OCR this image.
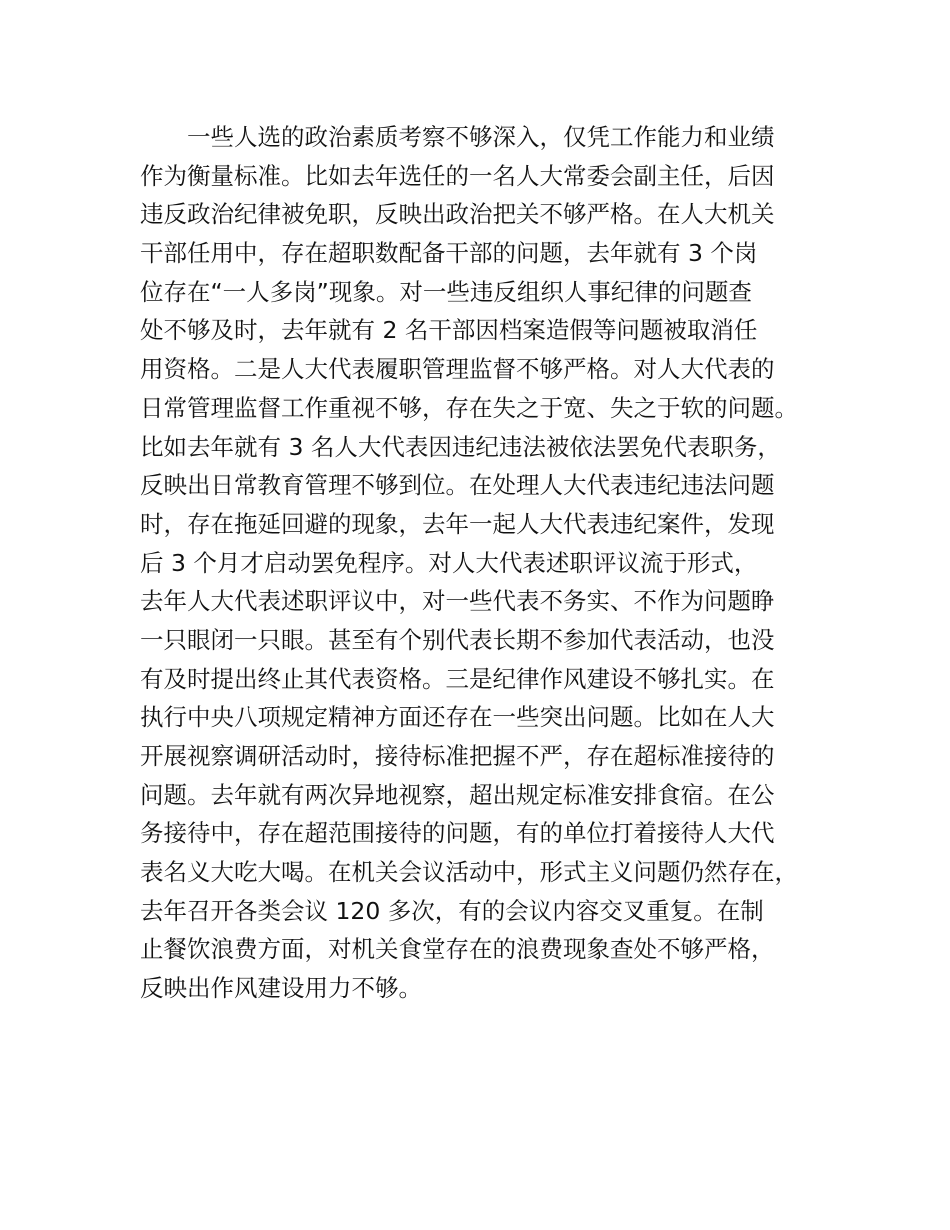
一些人选的政治素质考察不够深入，仅凭工作能力和业绩
作为衡量标准。比如去年选任的一名人大常委会副主任，后因
违反政治纪律被免职，反映出政治把关不够严格。在人大机关
干部任用中，存在超职数配备干部的问题，去年就有 3 个岗
位存在“一人多岗”现象。对一些违反组织人事纪律的问题查
处不够及时，去年就有 2 名干部因档案造假等问题被取消任
用资格。二是人大代表履职管理监督不够严格。对人大代表的
日常管理监督工作重视不够，存在失之于宽、失之于软的问题。
比如去年就有 3 名人大代表因违纪违法被依法罢免代表职务，
反映出日常教育管理不够到位。在处理人大代表违纪违法问题
时，存在拖延回避的现象，去年一起人大代表违纪案件，发现
后 3 个月才启动罢免程序。对人大代表述职评议流于形式，
去年人大代表述职评议中，对一些代表不务实、不作为问题睁
一只眼闭一只眼。甚至有个别代表长期不参加代表活动，也没
有及时提出终止其代表资格。三是纪律作风建设不够扎实。在
执行中央八项规定精神方面还存在一些突出问题。比如在人大
开展视察调研活动时，接待标准把握不严，存在超标准接待的
问题。去年就有两次异地视察，超出规定标准安排食宿。在公
务接待中，存在超范围接待的问题，有的单位打着接待人大代
表名义大吃大喝。在机关会议活动中，形式主义问题仍然存在，
去年召开各类会议 120 多次，有的会议内容交叉重复。在制
止餐饮浪费方面，对机关食堂存在的浪费现象查处不够严格，
反映出作风建设用力不够。
